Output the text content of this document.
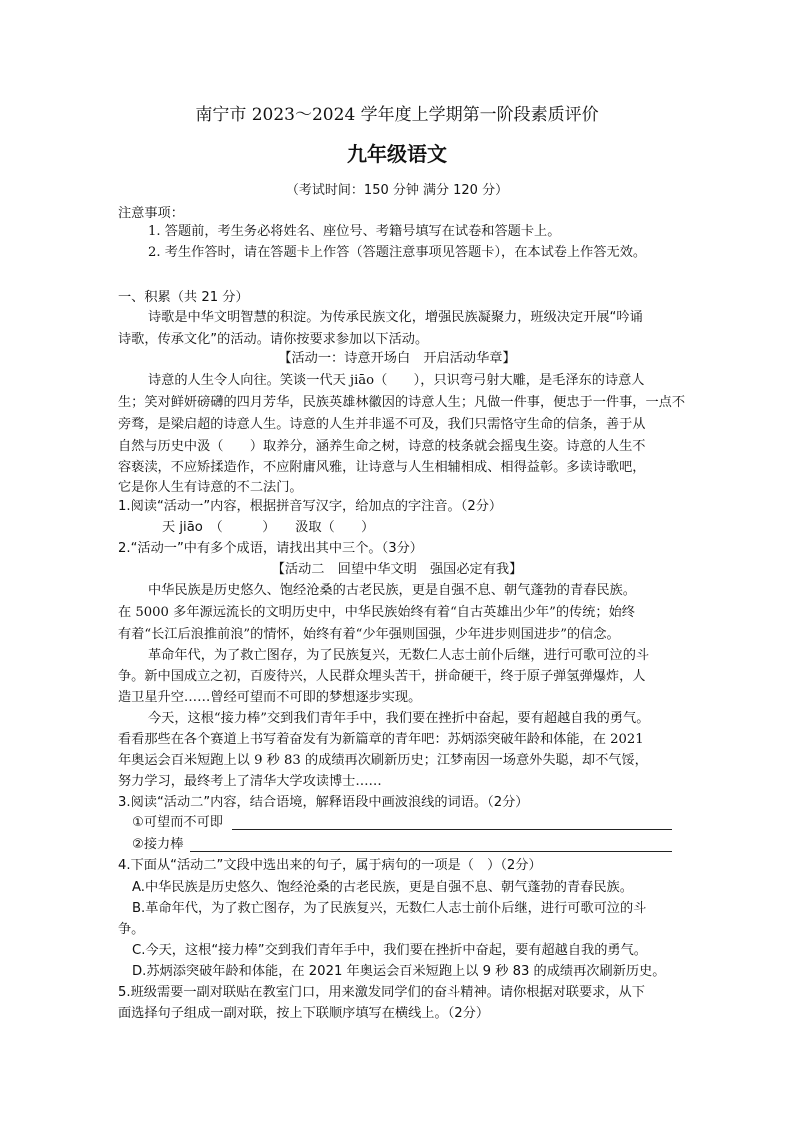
南宁市 2023～2024 学年度上学期第一阶段素质评价
九年级语文
（考试时间：150 分钟 满分 120 分）
注意事项：
1. 答题前，考生务必将姓名、座位号、考籍号填写在试卷和答题卡上。
2. 考生作答时，请在答题卡上作答（答题注意事项见答题卡），在本试卷上作答无效。
一、积累（共 21 分）
诗歌是中华文明智慧的积淀。为传承民族文化，增强民族凝聚力，班级决定开展“吟诵
诗歌，传承文化”的活动。请你按要求参加以下活动。
【活动一：诗意开场白　开启活动华章】
诗意的人生令人向往。笑谈一代天 jiāo（　　），只识弯弓射大雕，是毛泽东的诗意人
生；笑对鲜妍磅礴的四月芳华，民族英雄林徽因的诗意人生；凡做一件事，便忠于一件事，一点不
旁骛，是梁启超的诗意人生。诗意的人生并非遥不可及，我们只需恪守生命的信条，善于从
自然与历史中汲（　　）取养分，涵养生命之树，诗意的枝条就会摇曳生姿。诗意的人生不
容亵渎，不应矫揉造作，不应附庸风雅，让诗意与人生相辅相成、相得益彰。多读诗歌吧，
它是你人生有诗意的不二法门。
1.阅读“活动一”内容，根据拼音写汉字，给加点的字注音。（2分）
天 jiāo　（　　　）　　汲取（　　）
2.“活动一”中有多个成语，请找出其中三个。（3分）
【活动二　回望中华文明　强国必定有我】
中华民族是历史悠久、饱经沧桑的古老民族，更是自强不息、朝气蓬勃的青春民族。
在 5000 多年源远流长的文明历史中，中华民族始终有着“自古英雄出少年”的传统；始终
有着“长江后浪推前浪”的情怀，始终有着“少年强则国强，少年进步则国进步”的信念。
革命年代，为了救亡图存，为了民族复兴，无数仁人志士前仆后继，进行可歌可泣的斗
争。新中国成立之初，百废待兴，人民群众埋头苦干，拼命硬干，终于原子弹氢弹爆炸，人
造卫星升空……曾经可望而不可即的梦想逐步实现。
今天，这根“接力棒”交到我们青年手中，我们要在挫折中奋起，要有超越自我的勇气。
看看那些在各个赛道上书写着奋发有为新篇章的青年吧：苏炳添突破年龄和体能，在 2021
年奥运会百米短跑上以 9 秒 83 的成绩再次刷新历史；江梦南因一场意外失聪，却不气馁，
努力学习，最终考上了清华大学攻读博士……
3.阅读“活动二”内容，结合语境，解释语段中画波浪线的词语。（2分）
①可望而不可即
②接力棒
4.下面从“活动二”文段中选出来的句子，属于病句的一项是（　）（2分）
A.中华民族是历史悠久、饱经沧桑的古老民族，更是自强不息、朝气蓬勃的青春民族。
B.革命年代，为了救亡图存，为了民族复兴，无数仁人志士前仆后继，进行可歌可泣的斗
争。
C.今天，这根“接力棒”交到我们青年手中，我们要在挫折中奋起，要有超越自我的勇气。
D.苏炳添突破年龄和体能，在 2021 年奥运会百米短跑上以 9 秒 83 的成绩再次刷新历史。
5.班级需要一副对联贴在教室门口，用来激发同学们的奋斗精神。请你根据对联要求，从下
面选择句子组成一副对联，按上下联顺序填写在横线上。（2分）
